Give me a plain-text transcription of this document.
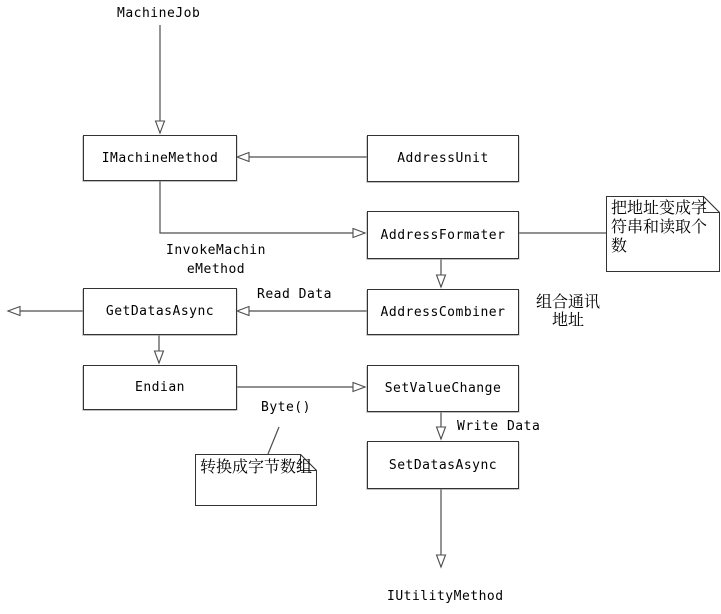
IMachineMethod	AddressUnit
AddressFormater
GetDatasAsync	AddressCombiner
Endian	SetValueChange
SetDatasAsync
把地址变成字符串和读取个数
转换成字节数组
MachineJob
InvokeMachin
eMethod
Read Data
Byte()
Write Data
组合通讯
地址
IUtilityMethod
